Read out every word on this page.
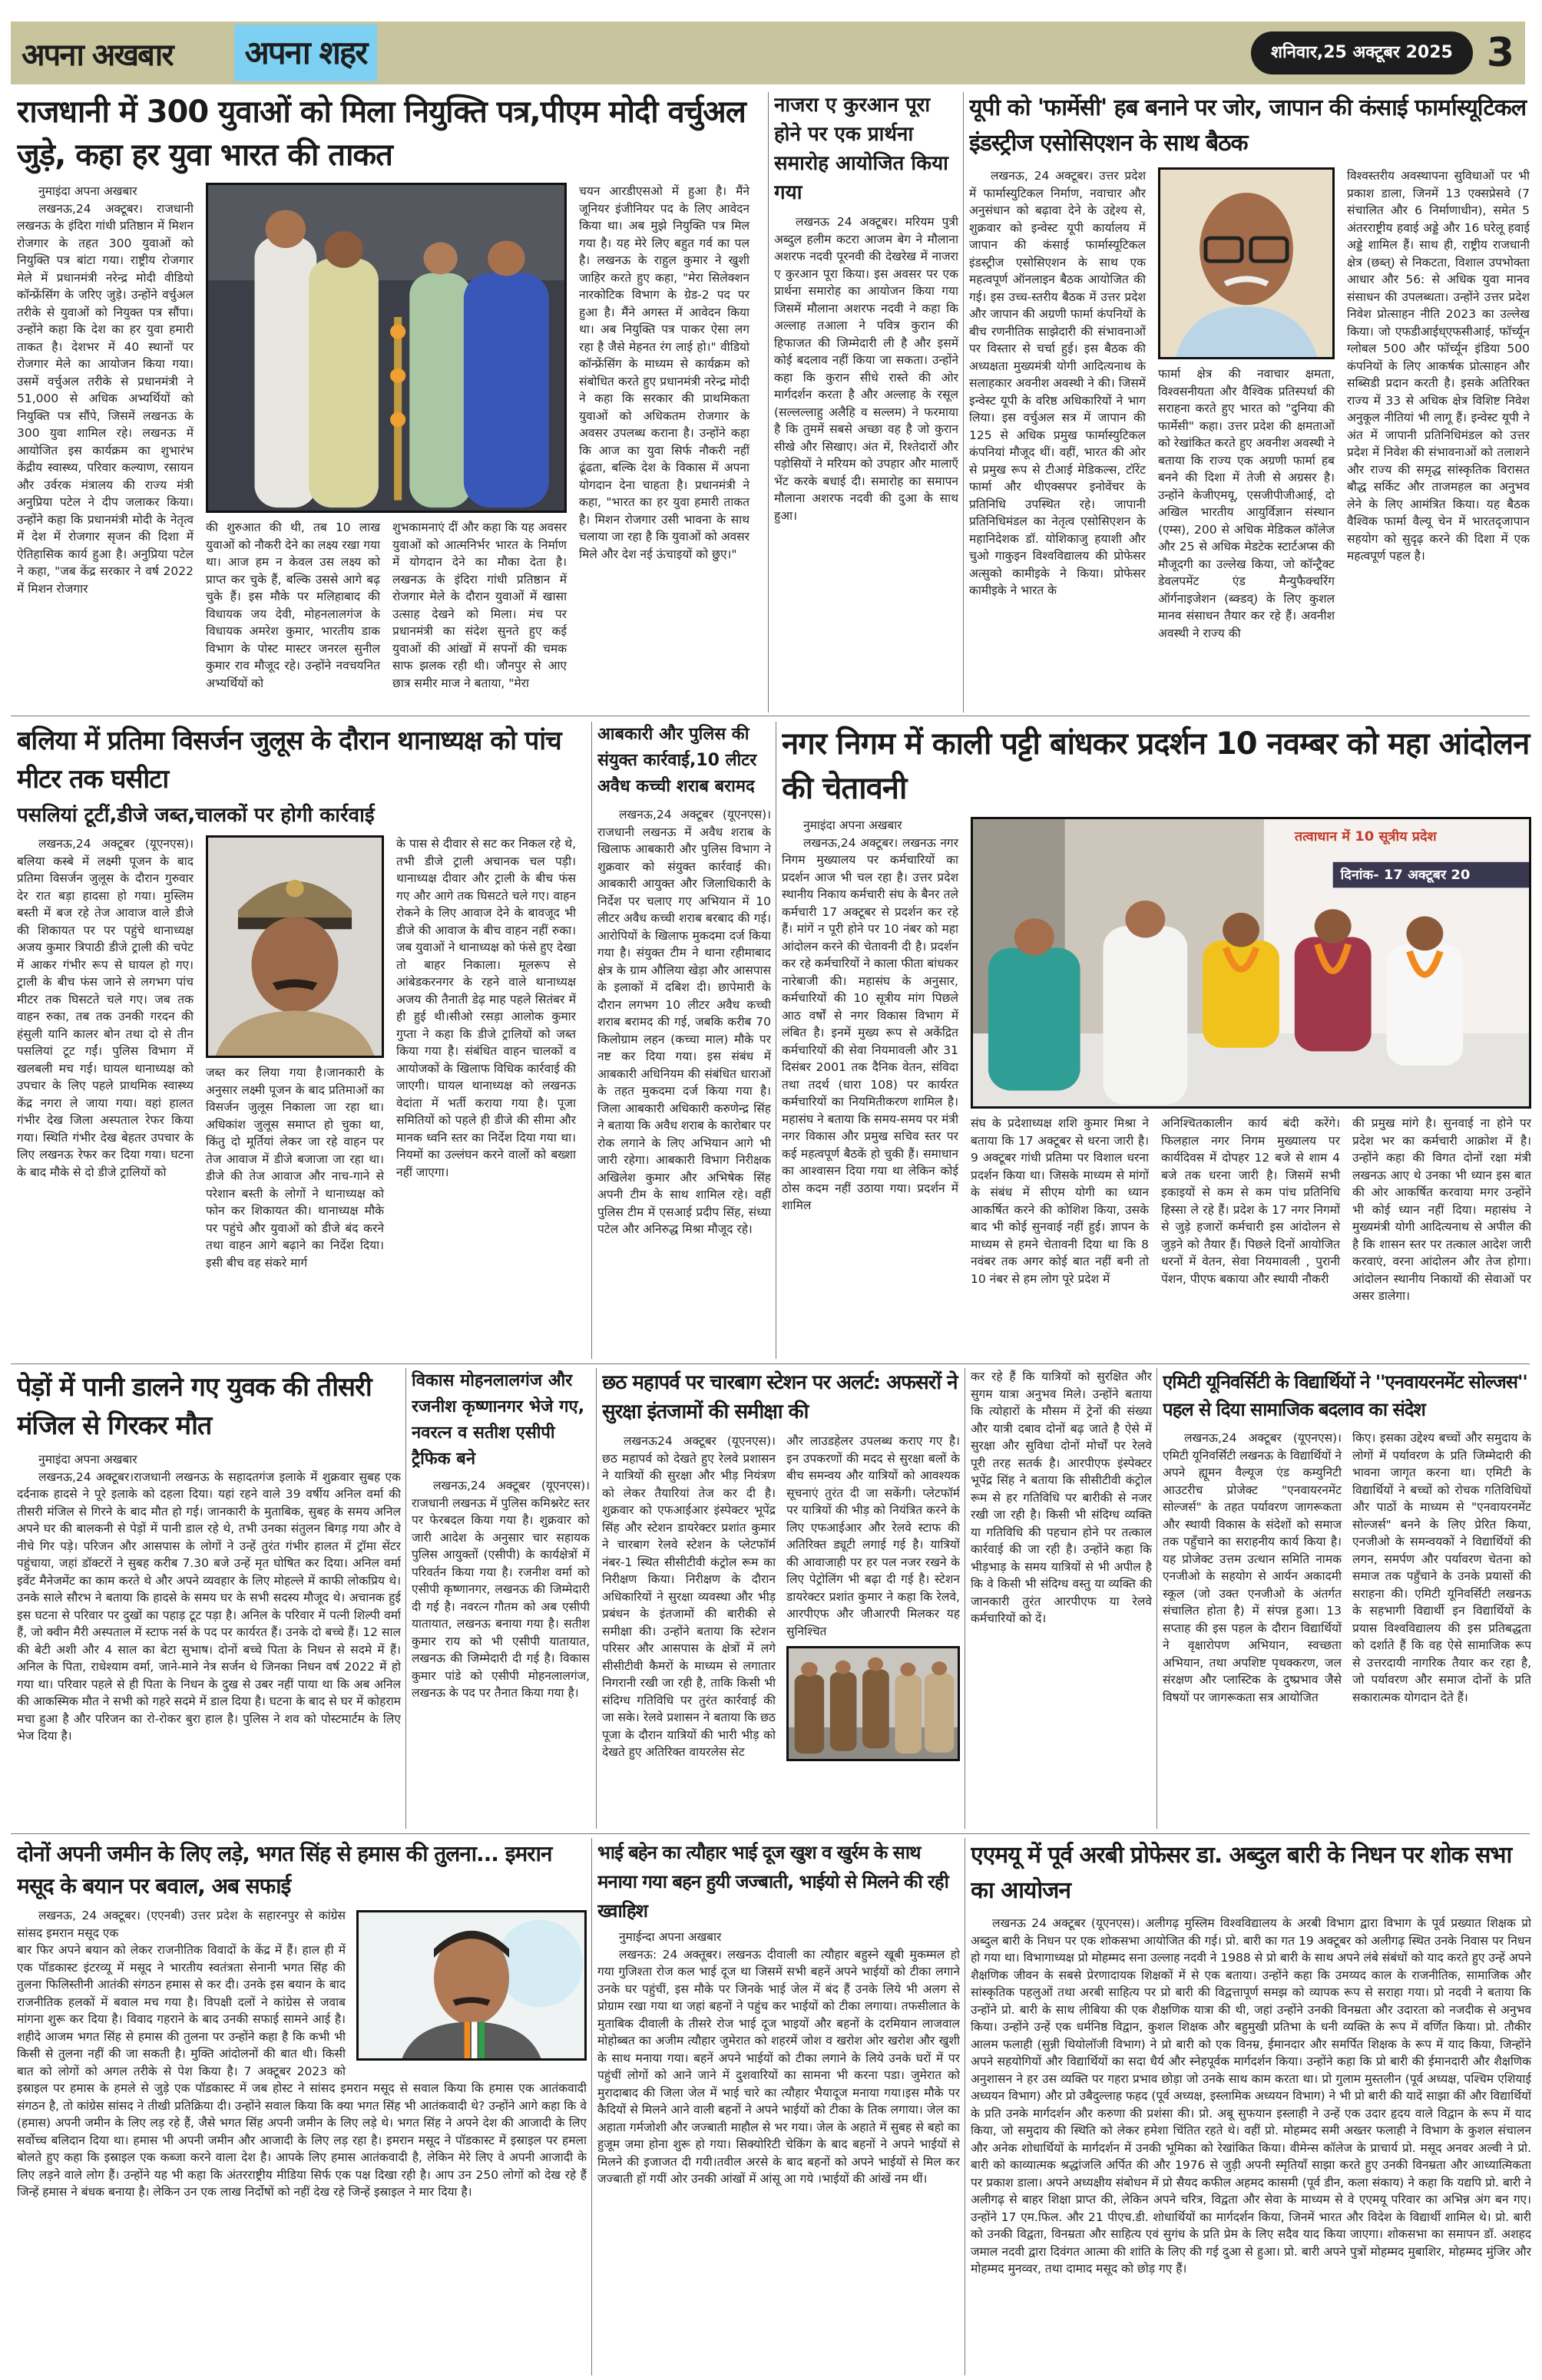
अपना अखबार	अपना शहर	शनिवार,25 अक्टूबर 2025 3
राजधानी में 300 युवाओं को मिला नियुक्ति पत्र,पीएम मोदी वर्चुअल जुड़े, कहा हर युवा भारत की ताकत
नुमाइंदा अपना अखबार

लखनऊ,24 अक्टूबर। राजधानी लखनऊ के इंदिरा गांधी प्रतिष्ठान में मिशन रोजगार के तहत 300 युवाओं को नियुक्ति पत्र बांटा गया। राष्ट्रीय रोजगार मेले में प्रधानमंत्री नरेन्द्र मोदी वीडियो कॉन्फ्रेंसिंग के जरिए जुड़े। उन्होंने वर्चुअल तरीके से युवाओं को नियुक्त पत्र सौंपा। उन्होंने कहा कि देश का हर युवा हमारी ताकत है। देशभर में 40 स्थानों पर रोजगार मेले का आयोजन किया गया। उसमें वर्चुअल तरीके से प्रधानमंत्री ने 51,000 से अधिक अभ्यर्थियों को नियुक्ति पत्र सौंपे, जिसमें लखनऊ के 300 युवा शामिल रहे। लखनऊ में आयोजित इस कार्यक्रम का शुभारंभ केंद्रीय स्वास्थ्य, परिवार कल्याण, रसायन और उर्वरक मंत्रालय की राज्य मंत्री अनुप्रिया पटेल ने दीप जलाकर किया। उन्होंने कहा कि प्रधानमंत्री मोदी के नेतृत्व में देश में रोजगार सृजन की दिशा में ऐतिहासिक कार्य हुआ है। अनुप्रिया पटेल ने कहा, "जब केंद्र सरकार ने वर्ष 2022 में मिशन रोजगार

की शुरुआत की थी, तब 10 लाख युवाओं को नौकरी देने का लक्ष्य रखा गया था। आज हम न केवल उस लक्ष्य को प्राप्त कर चुके हैं, बल्कि उससे आगे बढ़ चुके हैं। इस मौके पर मलिहाबाद की विधायक जय देवी, मोहनलालगंज के विधायक अमरेश कुमार, भारतीय डाक विभाग के पोस्ट मास्टर जनरल सुनील कुमार राव मौजूद रहे। उन्होंने नवचयनित अभ्यर्थियों को
शुभकामनाएं दीं और कहा कि यह अवसर युवाओं को आत्मनिर्भर भारत के निर्माण में योगदान देने का मौका देता है। लखनऊ के इंदिरा गांधी प्रतिष्ठान में रोजगार मेले के दौरान युवाओं में खासा उत्साह देखने को मिला। मंच पर प्रधानमंत्री का संदेश सुनते हुए कई युवाओं की आंखों में सपनों की चमक साफ झलक रही थी। जौनपुर से आए छात्र समीर माज ने बताया, "मेरा
चयन आरडीएसओ में हुआ है। मैंने जूनियर इंजीनियर पद के लिए आवेदन किया था। अब मुझे नियुक्ति पत्र मिल गया है। यह मेरे लिए बहुत गर्व का पल है। लखनऊ के राहुल कुमार ने खुशी जाहिर करते हुए कहा, "मेरा सिलेक्शन नारकोटिक विभाग के ग्रेड-2 पद पर हुआ है। मैंने अगस्त में आवेदन किया था। अब नियुक्ति पत्र पाकर ऐसा लग रहा है जैसे मेहनत रंग लाई हो।" वीडियो कॉन्फ्रेंसिंग के माध्यम से कार्यक्रम को संबोधित करते हुए प्रधानमंत्री नरेन्द्र मोदी ने कहा कि सरकार की प्राथमिकता युवाओं को अधिकतम रोजगार के अवसर उपलब्ध कराना है। उन्होंने कहा कि आज का युवा सिर्फ नौकरी नहीं ढूंढता, बल्कि देश के विकास में अपना योगदान देना चाहता है। प्रधानमंत्री ने कहा, "भारत का हर युवा हमारी ताकत है। मिशन रोजगार उसी भावना के साथ चलाया जा रहा है कि युवाओं को अवसर मिले और देश नई ऊंचाइयों को छुए।"
नाजरा ए कुरआन पूरा होने पर एक प्रार्थना समारोह आयोजित किया गया

लखनऊ 24 अक्टूबर। मरियम पुत्री अब्दुल हलीम कटरा आजम बेग ने मौलाना अशरफ नदवी पूरनवी की देखरेख में नाजरा ए कुरआन पूरा किया। इस अवसर पर एक प्रार्थना समारोह का आयोजन किया गया जिसमें मौलाना अशरफ नदवी ने कहा कि अल्लाह तआला ने पवित्र कुरान की हिफाजत की जिम्मेदारी ली है और इसमें कोई बदलाव नहीं किया जा सकता। उन्होंने कहा कि कुरान सीधे रास्ते की ओर मार्गदर्शन करता है और अल्लाह के रसूल (सल्लल्लाहु अलैहि व सल्लम) ने फरमाया है कि तुममें सबसे अच्छा वह है जो कुरान सीखे और सिखाए। अंत में, रिश्तेदारों और पड़ोसियों ने मरियम को उपहार और मालाएँ भेंट करके बधाई दी। समारोह का समापन मौलाना अशरफ नदवी की दुआ के साथ हुआ।

यूपी को 'फार्मेसी' हब बनाने पर जोर, जापान की कंसाई फार्मास्यूटिकल इंडस्ट्रीज एसोसिएशन के साथ बैठक

लखनऊ, 24 अक्टूबर। उत्तर प्रदेश में फार्मास्युटिकल निर्माण, नवाचार और अनुसंधान को बढ़ावा देने के उद्देश्य से, शुक्रवार को इन्वेस्ट यूपी कार्यालय में जापान की कंसाई फार्मास्यूटिकल इंडस्ट्रीज एसोसिएशन के साथ एक महत्वपूर्ण ऑनलाइन बैठक आयोजित की गई। इस उच्च-स्तरीय बैठक में उत्तर प्रदेश और जापान की अग्रणी फार्मा कंपनियों के बीच रणनीतिक साझेदारी की संभावनाओं पर विस्तार से चर्चा हुई। इस बैठक की अध्यक्षता मुख्यमंत्री योगी आदित्यनाथ के सलाहकार अवनीश अवस्थी ने की। जिसमें इन्वेस्ट यूपी के वरिष्ठ अधिकारियों ने भाग लिया। इस वर्चुअल सत्र में जापान की 125 से अधिक प्रमुख फार्मास्युटिकल कंपनियां मौजूद थीं। वहीं, भारत की ओर से प्रमुख रूप से टीआई मेडिकल्स, टॉरेंट फार्मा और थीएक्सपर इनोवेंचर के प्रतिनिधि उपस्थित रहे। जापानी प्रतिनिधिमंडल का नेतृत्व एसोसिएशन के महानिदेशक डॉ. योशिकाजु हयाशी और चुओ गाकुइन विश्वविद्यालय की प्रोफेसर अत्सुको कामीइके ने किया। प्रोफेसर कामीइके ने भारत के

फार्मा क्षेत्र की नवाचार क्षमता, विश्वसनीयता और वैश्विक प्रतिस्पर्धा की सराहना करते हुए भारत को "दुनिया की फार्मेसी" कहा। उत्तर प्रदेश की क्षमताओं को रेखांकित करते हुए अवनीश अवस्थी ने बताया कि राज्य एक अग्रणी फार्मा हब बनने की दिशा में तेजी से अग्रसर है। उन्होंने केजीएमयू, एसजीपीजीआई, दो अखिल भारतीय आयुर्विज्ञान संस्थान (एम्स), 200 से अधिक मेडिकल कॉलेज और 25 से अधिक मेडटेक स्टार्टअप्स की मौजूदगी का उल्लेख किया, जो कॉन्ट्रैक्ट डेवलपमेंट एंड मैन्युफैक्चरिंग ऑर्गनाइजेशन (ब्क्डव्) के लिए कुशल मानव संसाधन तैयार कर रहे हैं। अवनीश अवस्थी ने राज्य की
विश्वस्तरीय अवस्थापना सुविधाओं पर भी प्रकाश डाला, जिनमें 13 एक्सप्रेसवे (7 संचालित और 6 निर्माणाधीन), समेत 5 अंतरराष्ट्रीय हवाई अड्डे और 16 घरेलू हवाई अड्डे शामिल हैं। साथ ही, राष्ट्रीय राजधानी क्षेत्र (छब्त्) से निकटता, विशाल उपभोक्ता आधार और 56: से अधिक युवा मानव संसाधन की उपलब्धता। उन्होंने उत्तर प्रदेश निवेश प्रोत्साहन नीति 2023 का उल्लेख किया। जो एफडीआईध्एफसीआई, फॉर्च्यून ग्लोबल 500 और फॉर्च्यून इंडिया 500 कंपनियों के लिए आकर्षक प्रोत्साहन और सब्सिडी प्रदान करती है। इसके अतिरिक्त राज्य में 33 से अधिक क्षेत्र विशिष्ट निवेश अनुकूल नीतियां भी लागू हैं। इन्वेस्ट यूपी ने अंत में जापानी प्रतिनिधिमंडल को उत्तर प्रदेश में निवेश की संभावनाओं को तलाशने और राज्य की समृद्ध सांस्कृतिक विरासत बौद्ध सर्किट और ताजमहल का अनुभव लेने के लिए आमंत्रित किया। यह बैठक वैश्विक फार्मा वैल्यू चेन में भारतदृजापान सहयोग को सुदृढ़ करने की दिशा में एक महत्वपूर्ण पहल है।
बलिया में प्रतिमा विसर्जन जुलूस के दौरान थानाध्यक्ष को पांच मीटर तक घसीटा
पसलियां टूटीं,डीजे जब्त,चालकों पर होगी कार्रवाई

लखनऊ,24 अक्टूबर (यूएनएस)। बलिया कस्बे में लक्ष्मी पूजन के बाद प्रतिमा विसर्जन जुलूस के दौरान गुरुवार देर रात बड़ा हादसा हो गया। मुस्लिम बस्ती में बज रहे तेज आवाज वाले डीजे की शिकायत पर पर पहुंचे थानाध्यक्ष अजय कुमार त्रिपाठी डीजे ट्राली की चपेट में आकर गंभीर रूप से घायल हो गए। ट्राली के बीच फंस जाने से लगभग पांच मीटर तक घिसटते चले गए। जब तक वाहन रुका, तब तक उनकी गरदन की हंसुली यानि कालर बोन तथा दो से तीन पसलियां टूट गईं। पुलिस विभाग में खलबली मच गई। घायल थानाध्यक्ष को उपचार के लिए पहले प्राथमिक स्वास्थ्य केंद्र नगरा ले जाया गया। वहां हालत गंभीर देख जिला अस्पताल रेफर किया गया। स्थिति गंभीर देख बेहतर उपचार के लिए लखनऊ रेफर कर दिया गया। घटना के बाद मौके से दो डीजे ट्रालियों को

जब्त कर लिया गया है।जानकारी के अनुसार लक्ष्मी पूजन के बाद प्रतिमाओं का विसर्जन जुलूस निकाला जा रहा था। अधिकांश जुलूस समाप्त हो चुका था, किंतु दो मूर्तियां लेकर जा रहे वाहन पर तेज आवाज में डीजे बजाजा जा रहा था। डीजे की तेज आवाज और नाच-गाने से परेशान बस्ती के लोगों ने थानाध्यक्ष को फोन कर शिकायत की। थानाध्यक्ष मौके पर पहुंचे और युवाओं को डीजे बंद करने तथा वाहन आगे बढ़ाने का निर्देश दिया।इसी बीच वह संकरे मार्ग
के पास से दीवार से सट कर निकल रहे थे, तभी डीजे ट्राली अचानक चल पड़ी। थानाध्यक्ष दीवार और ट्राली के बीच फंस गए और आगे तक घिसटते चले गए। वाहन रोकने के लिए आवाज देने के बावजूद भी डीजे की आवाज के बीच वाहन नहीं रुका। जब युवाओं ने थानाध्यक्ष को फंसे हुए देखा तो बाहर निकाला। मूलरूप से आंबेडकरनगर के रहने वाले थानाध्यक्ष अजय की तैनाती डेढ़ माह पहले सितंबर में ही हुई थी।सीओ रसड़ा आलोक कुमार गुप्ता ने कहा कि डीजे ट्रालियों को जब्त किया गया है। संबंधित वाहन चालकों व आयोजकों के खिलाफ विधिक कार्रवाई की जाएगी। घायल थानाध्यक्ष को लखनऊ वेदांता में भर्ती कराया गया है। पूजा समितियों को पहले ही डीजे की सीमा और मानक ध्वनि स्तर का निर्देश दिया गया था। नियमों का उल्लंघन करने वालों को बख्शा नहीं जाएगा।
आबकारी और पुलिस की संयुक्त कार्रवाई,10 लीटर अवैध कच्ची शराब बरामद

लखनऊ,24 अक्टूबर (यूएनएस)। राजधानी लखनऊ में अवैध शराब के खिलाफ आबकारी और पुलिस विभाग ने शुक्रवार को संयुक्त कार्रवाई की। आबकारी आयुक्त और जिलाधिकारी के निर्देश पर चलाए गए अभियान में 10 लीटर अवैध कच्ची शराब बरबाद की गई। आरोपियों के खिलाफ मुकदमा दर्ज किया गया है। संयुक्त टीम ने थाना रहीमाबाद क्षेत्र के ग्राम औलिया खेड़ा और आसपास के इलाकों में दबिश दी। छापेमारी के दौरान लगभग 10 लीटर अवैध कच्ची शराब बरामद की गई, जबकि करीब 70 किलोग्राम लहन (कच्चा माल) मौके पर नष्ट कर दिया गया। इस संबंध में आबकारी अधिनियम की संबंधित धाराओं के तहत मुकदमा दर्ज किया गया है। जिला आबकारी अधिकारी करुणेन्द्र सिंह ने बताया कि अवैध शराब के कारोबार पर रोक लगाने के लिए अभियान आगे भी जारी रहेगा। आबकारी विभाग निरीक्षक अखिलेश कुमार और अभिषेक सिंह अपनी टीम के साथ शामिल रहे। वहीं पुलिस टीम में एसआई प्रदीप सिंह, संध्या पटेल और अनिरुद्ध मिश्रा मौजूद रहे।

नगर निगम में काली पट्टी बांधकर प्रदर्शन 10 नवम्बर को महा आंदोलन की चेतावनी
नुमाइंदा अपना अखबार

लखनऊ,24 अक्टूबर। लखनऊ नगर निगम मुख्यालय पर कर्मचारियों का प्रदर्शन आज भी चल रहा है। उत्तर प्रदेश स्थानीय निकाय कर्मचारी संघ के बैनर तले कर्मचारी 17 अक्टूबर से प्रदर्शन कर रहे हैं। मांगें न पूरी होने पर 10 नंबर को महा आंदोलन करने की चेतावनी दी है। प्रदर्शन कर रहे कर्मचारियों ने काला फीता बांधकर नारेबाजी की। महासंघ के अनुसार, कर्मचारियों की 10 सूत्रीय मांग पिछले आठ वर्षों से नगर विकास विभाग में लंबित है। इनमें मुख्य रूप से अकेंद्रित कर्मचारियों की सेवा नियमावली और 31 दिसंबर 2001 तक दैनिक वेतन, संविदा तथा तदर्थ (धारा 108) पर कार्यरत कर्मचारियों का नियमितीकरण शामिल है। महासंघ ने बताया कि समय-समय पर मंत्री नगर विकास और प्रमुख सचिव स्तर पर कई महत्वपूर्ण बैठकें हो चुकी हैं। समाधान का आश्वासन दिया गया था लेकिन कोई ठोस कदम नहीं उठाया गया। प्रदर्शन में शामिल

तत्वाधान में 10 सूत्रीय प्रदेश
दिनांक- 17 अक्टूबर 20
संघ के प्रदेशाध्यक्ष शशि कुमार मिश्रा ने बताया कि 17 अक्टूबर से धरना जारी है। 9 अक्टूबर गांधी प्रतिमा पर विशाल धरना प्रदर्शन किया था। जिसके माध्यम से मांगों के संबंध में सीएम योगी का ध्यान आकर्षित करने की कोशिश किया, उसके बाद भी कोई सुनवाई नहीं हुई। ज्ञापन के माध्यम से हमने चेतावनी दिया था कि 8 नवंबर तक अगर कोई बात नहीं बनी तो 10 नंबर से हम लोग पूरे प्रदेश में
अनिश्चितकालीन कार्य बंदी करेंगे। फिलहाल नगर निगम मुख्यालय पर कार्यदिवस में दोपहर 12 बजे से शाम 4 बजे तक धरना जारी है। जिसमें सभी इकाइयों से कम से कम पांच प्रतिनिधि हिस्सा ले रहे हैं। प्रदेश के 17 नगर निगमों से जुड़े हजारों कर्मचारी इस आंदोलन से जुड़ने को तैयार हैं। पिछले दिनों आयोजित धरनों में वेतन, सेवा नियमावली , पुरानी पेंशन, पीएफ बकाया और स्थायी नौकरी
की प्रमुख मांगे है। सुनवाई ना होने पर प्रदेश भर का कर्मचारी आक्रोश में है। उन्होंने कहा की विगत दोनों रक्षा मंत्री लखनऊ आए थे उनका भी ध्यान इस बात की ओर आकर्षित करवाया मगर उन्होंने भी कोई ध्यान नहीं दिया। महासंघ ने मुख्यमंत्री योगी आदित्यनाथ से अपील की है कि शासन स्तर पर तत्काल आदेश जारी करवाएं, वरना आंदोलन और तेज होगा। आंदोलन स्थानीय निकायों की सेवाओं पर असर डालेगा।
पेड़ों में पानी डालने गए युवक की तीसरी मंजिल से गिरकर मौत
नुमाइंदा अपना अखबार

लखनऊ,24 अक्टूबर।राजधानी लखनऊ के सहादतगंज इलाके में शुक्रवार सुबह एक दर्दनाक हादसे ने पूरे इलाके को दहला दिया। यहां रहने वाले 39 वर्षीय अनिल वर्मा की तीसरी मंजिल से गिरने के बाद मौत हो गई। जानकारी के मुताबिक, सुबह के समय अनिल अपने घर की बालकनी से पेड़ों में पानी डाल रहे थे, तभी उनका संतुलन बिगड़ गया और वे नीचे गिर पड़े। परिजन और आसपास के लोगों ने उन्हें तुरंत गंभीर हालत में ट्रॉमा सेंटर पहुंचाया, जहां डॉक्टरों ने सुबह करीब 7.30 बजे उन्हें मृत घोषित कर दिया। अनिल वर्मा इवेंट मैनेजमेंट का काम करते थे और अपने व्यवहार के लिए मोहल्ले में काफी लोकप्रिय थे। उनके साले सौरभ ने बताया कि हादसे के समय घर के सभी सदस्य मौजूद थे। अचानक हुई इस घटना से परिवार पर दुखों का पहाड़ टूट पड़ा है। अनिल के परिवार में पत्नी शिल्पी वर्मा हैं, जो क्वीन मैरी अस्पताल में स्टाफ नर्स के पद पर कार्यरत हैं। उनके दो बच्चे हैं। 12 साल की बेटी अशी और 4 साल का बेटा सुभाष। दोनों बच्चे पिता के निधन से सदमे में हैं। अनिल के पिता, राधेश्याम वर्मा, जाने-माने नेत्र सर्जन थे जिनका निधन वर्ष 2022 में हो गया था। परिवार पहले से ही पिता के निधन के दुख से उबर नहीं पाया था कि अब अनिल की आकस्मिक मौत ने सभी को गहरे सदमे में डाल दिया है। घटना के बाद से घर में कोहराम मचा हुआ है और परिजन का रो-रोकर बुरा हाल है। पुलिस ने शव को पोस्टमार्टम के लिए भेज दिया है।

विकास मोहनलालगंज और रजनीश कृष्णानगर भेजे गए, नवरत्न व सतीश एसीपी ट्रैफिक बने

लखनऊ,24 अक्टूबर (यूएनएस)। राजधानी लखनऊ में पुलिस कमिश्नरेट स्तर पर फेरबदल किया गया है। शुक्रवार को जारी आदेश के अनुसार चार सहायक पुलिस आयुक्तों (एसीपी) के कार्यक्षेत्रों में परिवर्तन किया गया है। रजनीश वर्मा को एसीपी कृष्णानगर, लखनऊ की जिम्मेदारी दी गई है। नवरत्न गौतम को अब एसीपी यातायात, लखनऊ बनाया गया है। सतीश कुमार राय को भी एसीपी यातायात, लखनऊ की जिम्मेदारी दी गई है। विकास कुमार पांडे को एसीपी मोहनलालगंज, लखनऊ के पद पर तैनात किया गया है।

छठ महापर्व पर चारबाग स्टेशन पर अलर्ट: अफसरों ने सुरक्षा इंतजामों की समीक्षा की

लखनऊ24 अक्टूबर (यूएनएस)। छठ महापर्व को देखते हुए रेलवे प्रशासन ने यात्रियों की सुरक्षा और भीड़ नियंत्रण को लेकर तैयारियां तेज कर दी है। शुक्रवार को एफआईआर इंस्पेक्टर भूपेंद्र सिंह और स्टेशन डायरेक्टर प्रशांत कुमार ने चारबाग रेलवे स्टेशन के प्लेटफॉर्म नंबर-1 स्थित सीसीटीवी कंट्रोल रूम का निरीक्षण किया। निरीक्षण के दौरान अधिकारियों ने सुरक्षा व्यवस्था और भीड़ प्रबंधन के इंतजामों की बारीकी से समीक्षा की। उन्होंने बताया कि स्टेशन परिसर और आसपास के क्षेत्रों में लगे सीसीटीवी कैमरों के माध्यम से लगातार निगरानी रखी जा रही है, ताकि किसी भी संदिग्ध गतिविधि पर तुरंत कार्रवाई की जा सके। रेलवे प्रशासन ने बताया कि छठ पूजा के दौरान यात्रियों की भारी भीड़ को देखते हुए अतिरिक्त वायरलेस सेट

और लाउडहेलर उपलब्ध कराए गए है। इन उपकरणों की मदद से सुरक्षा बलों के बीच समन्वय और यात्रियों को आवश्यक सूचनाएं तुरंत दी जा सकेंगी। प्लेटफॉर्म पर यात्रियों की भीड़ को नियंत्रित करने के लिए एफआईआर और रेलवे स्टाफ की अतिरिक्त ड्यूटी लगाई गई है। यात्रियों की आवाजाही पर हर पल नजर रखने के लिए पेट्रोलिंग भी बढ़ा दी गई है। स्टेशन डायरेक्टर प्रशांत कुमार ने कहा कि रेलवे, आरपीएफ और जीआरपी मिलकर यह सुनिश्चित
कर रहे हैं कि यात्रियों को सुरक्षित और सुगम यात्रा अनुभव मिले। उन्होंने बताया कि त्योहारों के मौसम में ट्रेनों की संख्या और यात्री दबाव दोनों बढ़ जाते है ऐसे में सुरक्षा और सुविधा दोनों मोर्चों पर रेलवे पूरी तरह सतर्क है। आरपीएफ इंस्पेक्टर भूपेंद्र सिंह ने बताया कि सीसीटीवी कंट्रोल रूम से हर गतिविधि पर बारीकी से नजर रखी जा रही है। किसी भी संदिग्ध व्यक्ति या गतिविधि की पहचान होने पर तत्काल कार्रवाई की जा रही है। उन्होंने कहा कि भीड़भाड़ के समय यात्रियों से भी अपील है कि वे किसी भी संदिग्ध वस्तु या व्यक्ति की जानकारी तुरंत आरपीएफ या रेलवे कर्मचारियों को दें।
एमिटी यूनिवर्सिटी के विद्यार्थियों ने ''एनवायरनमेंट सोल्जस'' पहल से दिया सामाजिक बदलाव का संदेश

लखनऊ,24 अक्टूबर (यूएनएस)। एमिटी यूनिवर्सिटी लखनऊ के विद्यार्थियों ने अपने ह्यूमन वैल्यूज एंड कम्युनिटी आउटरीच प्रोजेक्ट "एनवायरनमेंट सोल्जर्स" के तहत पर्यावरण जागरूकता और स्थायी विकास के संदेशों को समाज तक पहुँचाने का सराहनीय कार्य किया है। यह प्रोजेक्ट उत्तम उत्थान समिति नामक एनजीओ के सहयोग से आर्यन अकादमी स्कूल (जो उक्त एनजीओ के अंतर्गत संचालित होता है) में संपन्न हुआ। 13 सप्ताह की इस पहल के दौरान विद्यार्थियों ने वृक्षारोपण अभियान, स्वच्छता अभियान, तथा अपशिष्ट पृथक्करण, जल संरक्षण और प्लास्टिक के दुष्प्रभाव जैसे विषयों पर जागरूकता सत्र आयोजित

किए। इसका उद्देश्य बच्चों और समुदाय के लोगों में पर्यावरण के प्रति जिम्मेदारी की भावना जागृत करना था। एमिटी के विद्यार्थियों ने बच्चों को रोचक गतिविधियों और पाठों के माध्यम से "एनवायरनमेंट सोल्जर्स" बनने के लिए प्रेरित किया, एनजीओ के समन्वयकों ने विद्यार्थियों की लगन, समर्पण और पर्यावरण चेतना को समाज तक पहुँचाने के उनके प्रयासों की सराहना की। एमिटी यूनिवर्सिटी लखनऊ के सहभागी विद्यार्थी इन विद्यार्थियों के प्रयास विश्वविद्यालय की इस प्रतिबद्धता को दर्शाते हैं कि वह ऐसे सामाजिक रूप से उत्तरदायी नागरिक तैयार कर रहा है, जो पर्यावरण और समाज दोनों के प्रति सकारात्मक योगदान देते हैं।
दोनों अपनी जमीन के लिए लड़े, भगत सिंह से हमास की तुलना... इमरान मसूद के बयान पर बवाल, अब सफाई

लखनऊ, 24 अक्टूबर। (एएनबी) उत्तर प्रदेश के सहारनपुर से कांग्रेस सांसद इमरान मसूद एक

बार फिर अपने बयान को लेकर राजनीतिक विवादों के केंद्र में हैं। हाल ही में एक पॉडकास्ट इंटरव्यू में मसूद ने भारतीय स्वतंत्रता सेनानी भगत सिंह की तुलना फिलिस्तीनी आतंकी संगठन हमास से कर दी। उनके इस बयान के बाद राजनीतिक हलकों में बवाल मच गया है। विपक्षी दलों ने कांग्रेस से जवाब मांगना शुरू कर दिया है। विवाद गहराने के बाद उनकी सफाई सामने आई है। शहीदे आजम भगत सिंह से हमास की तुलना पर उन्होंने कहा है कि कभी भी किसी से तुलना नहीं की जा सकती है। मुक्ति आंदोलनों की बात थी। किसी बात को लोगों को अगल तरीके से पेश किया है। 7 अक्टूबर 2023 को इस्राइल पर हमास के हमले से जुड़े एक पॉडकास्ट में जब होस्ट ने सांसद इमरान मसूद से सवाल किया कि हमास एक आतंकवादी संगठन है, तो कांग्रेस सांसद ने तीखी प्रतिक्रिया दी। उन्होंने सवाल किया कि क्या भगत सिंह भी आतंकवादी थे? उन्होंने आगे कहा कि वे (हमास) अपनी जमीन के लिए लड़ रहे हैं, जैसे भगत सिंह अपनी जमीन के लिए लड़े थे। भगत सिंह ने अपने देश की आजादी के लिए सर्वोच्च बलिदान दिया था। हमास भी अपनी जमीन और आजादी के लिए लड़ रहा है। इमरान मसूद ने पॉडकास्ट में इस्राइल पर हमला बोलते हुए कहा कि इस्राइल एक कब्जा करने वाला देश है। आपके लिए हमास आतंकवादी है, लेकिन मेरे लिए वे अपनी आजादी के लिए लड़ने वाले लोग हैं। उन्होंने यह भी कहा कि अंतरराष्ट्रीय मीडिया सिर्फ एक पक्ष दिखा रही है। आप उन 250 लोगों को देख रहे हैं जिन्हें हमास ने बंधक बनाया है। लेकिन उन एक लाख निर्दोषों को नहीं देख रहे जिन्हें इस्राइल ने मार दिया है।
भाई बहेन का त्यौहार भाई दूज खुश व खुर्रम के साथ मनाया गया बहन हुयी जज्बाती, भाईयो से मिलने की रही ख्वाहिश
नुमाईन्दा अपना अखबार

लखनऊ: 24 अक्तूबर। लखनऊ दीवाली का त्यौहार बहुस्ने खूबी मुकम्मल हो गया गुजिश्ता रोज कल भाई दूज था जिसमें सभी बहनें अपने भाईयों को टीका लगाने उनके घर पहुंचीं, इस मौके पर जिनके भाई जेल में बंद हैं उनके लिये भी अलग से प्रोग्राम रखा गया था जहां बहनों ने पहुंच कर भाईयों को टीका लगाया। तफसीलात के मुताबिक दीवाली के तीसरे रोज भाई दूज भाइयों और बहनों के दरमियान लाजवाल मोहोब्बत का अजीम त्यौहार जुमेरात को शहरमें जोश व खरोश ओर खरोश और खुशी के साथ मनाया गया। बहनें अपने भाईयों को टीका लगाने के लिये उनके घरों में पर पहुंचीं लोगों को आने जाने में दुशवारियों का सामना भी करना पडा। जुमेरात को मुरादाबाद की जिला जेल में भाई चारे का त्यौहार भैयादूज मनाया गया।इस मौके पर कैदियों से मिलने आने वाली बहनों ने अपने भाईयों को टीका के तिक लगाया। जेल का अहाता गर्मजोशी और जज्बाती माहौल से भर गया। जेल के अहाते में सुबह से बहो का हुजूम जमा होना शुरू हो गया। सिक्योरिटी चेकिंग के बाद बहनों ने अपने भाईयों से मिलने की इजाजत दी गयी।तवील अरसे के बाद बहनों को अपने भाईयों से मिल कर जज्बाती हों गयीं ओर उनकी आंखों में आंसू आ गये ।भाईयों की आंखें नम थीं।

एएमयू में पूर्व अरबी प्रोफेसर डा. अब्दुल बारी के निधन पर शोक सभा का आयोजन

लखनऊ 24 अक्टूबर (यूएनएस)। अलीगढ़ मुस्लिम विश्वविद्यालय के अरबी विभाग द्वारा विभाग के पूर्व प्रख्यात शिक्षक प्रो अब्दुल बारी के निधन पर एक शोकसभा आयोजित की गई। प्रो. बारी का गत 19 अक्टूबर को अलीगढ़ स्थित उनके निवास पर निधन हो गया था। विभागाध्यक्ष प्रो मोहम्मद सना उल्लाह नदवी ने 1988 से प्रो बारी के साथ अपने लंबे संबंधों को याद करते हुए उन्हें अपने शैक्षणिक जीवन के सबसे प्रेरणादायक शिक्षकों में से एक बताया। उन्होंने कहा कि उमय्यद काल के राजनीतिक, सामाजिक और सांस्कृतिक पहलुओं तथा अरबी साहित्य पर प्रो बारी की विद्वत्तापूर्ण समझ को व्यापक रूप से सराहा गया। प्रो नदवी ने बताया कि उन्होंने प्रो. बारी के साथ लीबिया की एक शैक्षणिक यात्रा की थी, जहां उन्होंने उनकी विनम्रता और उदारता को नजदीक से अनुभव किया। उन्होंने उन्हें एक धर्मनिष्ठ विद्वान, कुशल शिक्षक और बहुमुखी प्रतिभा के धनी व्यक्ति के रूप में वर्णित किया। प्रो. तौकीर आलम फलाही (सुन्नी थियोलॉजी विभाग) ने प्रो बारी को एक विनम्र, ईमानदार और समर्पित शिक्षक के रूप में याद किया, जिन्होंने अपने सहयोगियों और विद्यार्थियों का सदा धैर्य और स्नेहपूर्वक मार्गदर्शन किया। उन्होंने कहा कि प्रो बारी की ईमानदारी और शैक्षणिक अनुशासन ने हर उस व्यक्ति पर गहरा प्रभाव छोड़ा जो उनके साथ काम करता था। प्रो गुलाम मुस्तलीन (पूर्व अध्यक्ष, पश्चिम एशियाई अध्ययन विभाग) और प्रो उबैदुल्लाह फहद (पूर्व अध्यक्ष, इस्लामिक अध्ययन विभाग) ने भी प्रो बारी की यादें साझा कीं और विद्यार्थियों के प्रति उनके मार्गदर्शन और करुणा की प्रशंसा की। प्रो. अबू सुफयान इस्लाही ने उन्हें एक उदार हृदय वाले विद्वान के रूप में याद किया, जो समुदाय की स्थिति को लेकर हमेशा चिंतित रहते थे। वहीं प्रो. मोहम्मद समी अख्तर फलाही ने विभाग के कुशल संचालन और अनेक शोधार्थियों के मार्गदर्शन में उनकी भूमिका को रेखांकित किया। वीमेन्स कॉलेज के प्राचार्य प्रो. मसूद अनवर अल्वी ने प्रो. बारी को काव्यात्मक श्रद्धांजलि अर्पित की और 1976 से जुड़ी अपनी स्मृतियाँ साझा करते हुए उनकी विनम्रता और आध्यात्मिकता पर प्रकाश डाला। अपने अध्यक्षीय संबोधन में प्रो सैयद कफील अहमद कासमी (पूर्व डीन, कला संकाय) ने कहा कि यद्यपि प्रो. बारी ने अलीगढ़ से बाहर शिक्षा प्राप्त की, लेकिन अपने चरित्र, विद्वता और सेवा के माध्यम से वे एएमयू परिवार का अभिन्न अंग बन गए। उन्होंने 17 एम.फिल. और 21 पीएच.डी. शोधार्थियों का मार्गदर्शन किया, जिनमें भारत और विदेश के विद्यार्थी शामिल थे। प्रो. बारी को उनकी विद्वता, विनम्रता और साहित्य एवं सुगंध के प्रति प्रेम के लिए सदैव याद किया जाएगा। शोकसभा का समापन डॉ. अशहद जमाल नदवी द्वारा दिवंगत आत्मा की शांति के लिए की गई दुआ से हुआ। प्रो. बारी अपने पुत्रों मोहम्मद मुबाशिर, मोहम्मद मुंजिर और मोहम्मद मुनव्वर, तथा दामाद मसूद को छोड़ गए हैं।
